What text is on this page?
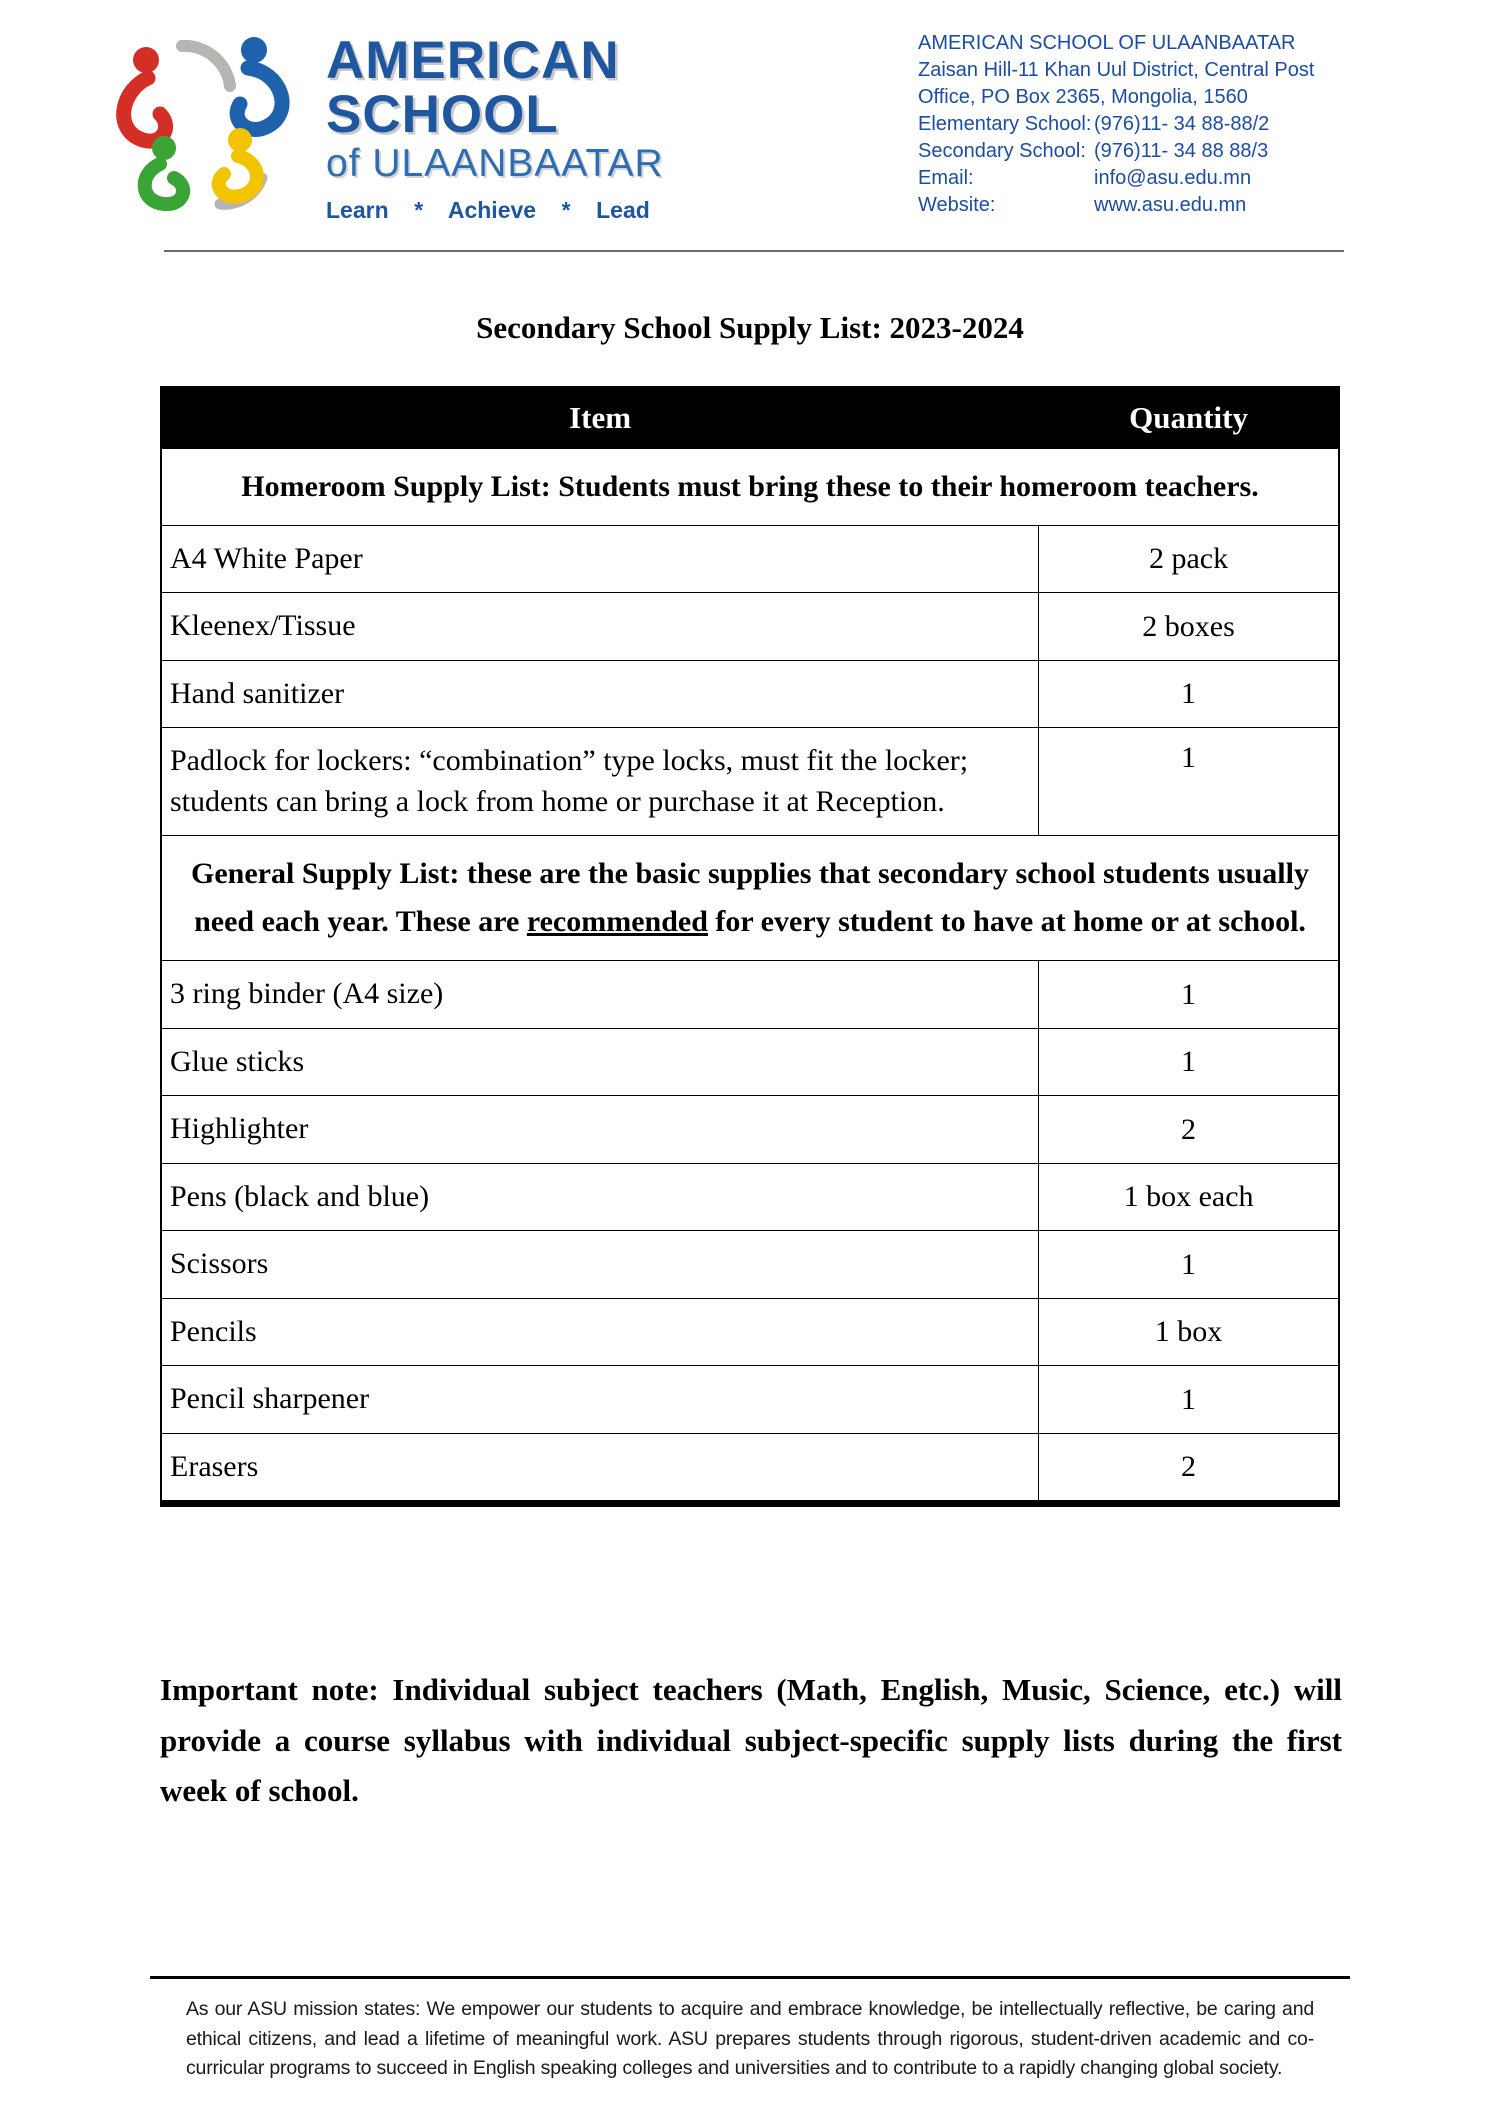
AMERICAN
SCHOOL
of ULAANBAATAR
Learn    *    Achieve    *    Lead
AMERICAN SCHOOL OF ULAANBAATAR
Zaisan Hill-11 Khan Uul District, Central Post
Office, PO Box 2365, Mongolia, 1560
Elementary School: (976)11- 34 88-88/2
Secondary School: (976)11- 34 88 88/3
Email:	info@asu.edu.mn
Website:	www.asu.edu.mn
Secondary School Supply List: 2023-2024
Item	Quantity
Homeroom Supply List: Students must bring these to their homeroom teachers.	
A4 White Paper	2 pack
Kleenex/Tissue	2 boxes
Hand sanitizer	1
Padlock for lockers: “combination” type locks, must fit the locker; students can bring a lock from home or purchase it at Reception.	1
General Supply List: these are the basic supplies that secondary school students usually need each year. These are recommended for every student to have at home or at school.	
3 ring binder (A4 size)	1
Glue sticks	1
Highlighter	2
Pens (black and blue)	1 box each
Scissors	1
Pencils	1 box
Pencil sharpener	1
Erasers	2
Important note: Individual subject teachers (Math, English, Music, Science, etc.) will provide a course syllabus with individual subject-specific supply lists during the first week of school.
As our ASU mission states: We empower our students to acquire and embrace knowledge, be intellectually reflective, be caring and ethical citizens, and lead a lifetime of meaningful work. ASU prepares students through rigorous, student-driven academic and co-curricular programs to succeed in English speaking colleges and universities and to contribute to a rapidly changing global society.
